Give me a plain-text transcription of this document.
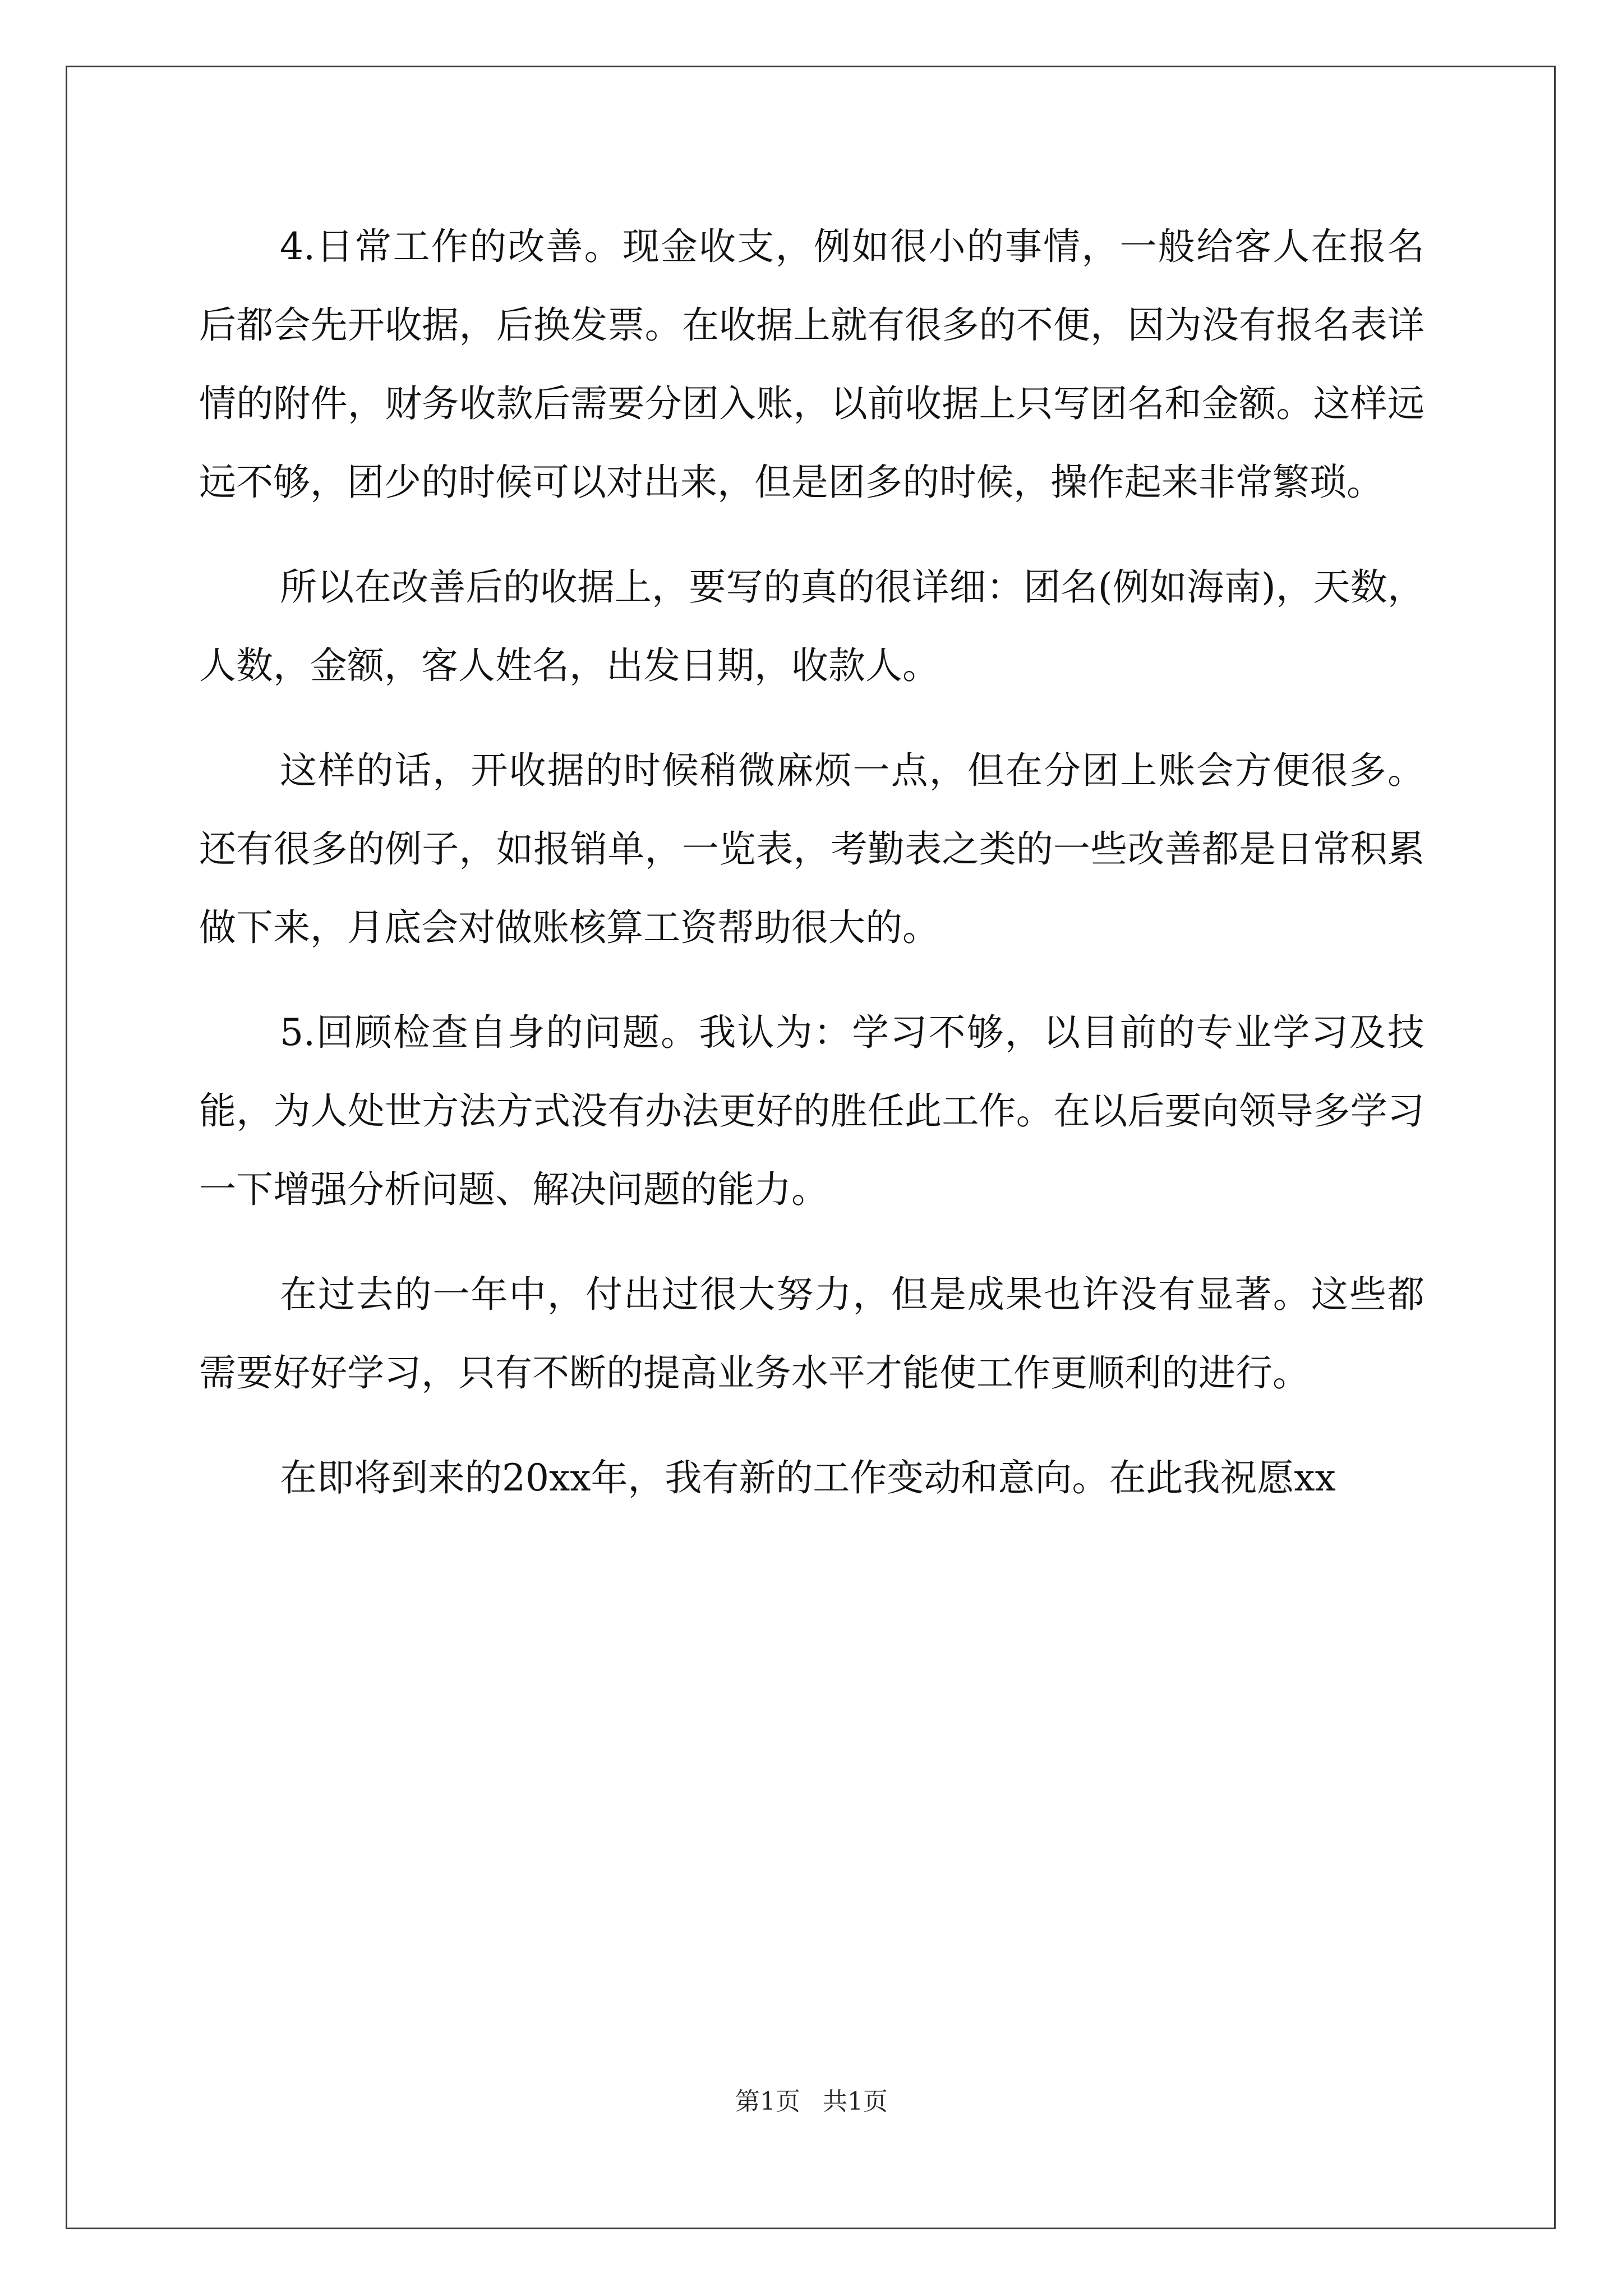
4.日常工作的改善。现金收支，例如很小的事情，一般给客人在报名后都会先开收据，后换发票。在收据上就有很多的不便，因为没有报名表详情的附件，财务收款后需要分团入账，以前收据上只写团名和金额。这样远远不够，团少的时候可以对出来，但是团多的时候，操作起来非常繁琐。

所以在改善后的收据上，要写的真的很详细：团名(例如海南)，天数，人数，金额，客人姓名，出发日期，收款人。

这样的话，开收据的时候稍微麻烦一点，但在分团上账会方便很多。还有很多的例子，如报销单，一览表，考勤表之类的一些改善都是日常积累做下来，月底会对做账核算工资帮助很大的。

5.回顾检查自身的问题。我认为：学习不够，以目前的专业学习及技能，为人处世方法方式没有办法更好的胜任此工作。在以后要向领导多学习一下增强分析问题、解决问题的能力。

在过去的一年中，付出过很大努力，但是成果也许没有显著。这些都需要好好学习，只有不断的提高业务水平才能使工作更顺利的进行。

在即将到来的20xx年，我有新的工作变动和意向。在此我祝愿xx

第1页 共1页
